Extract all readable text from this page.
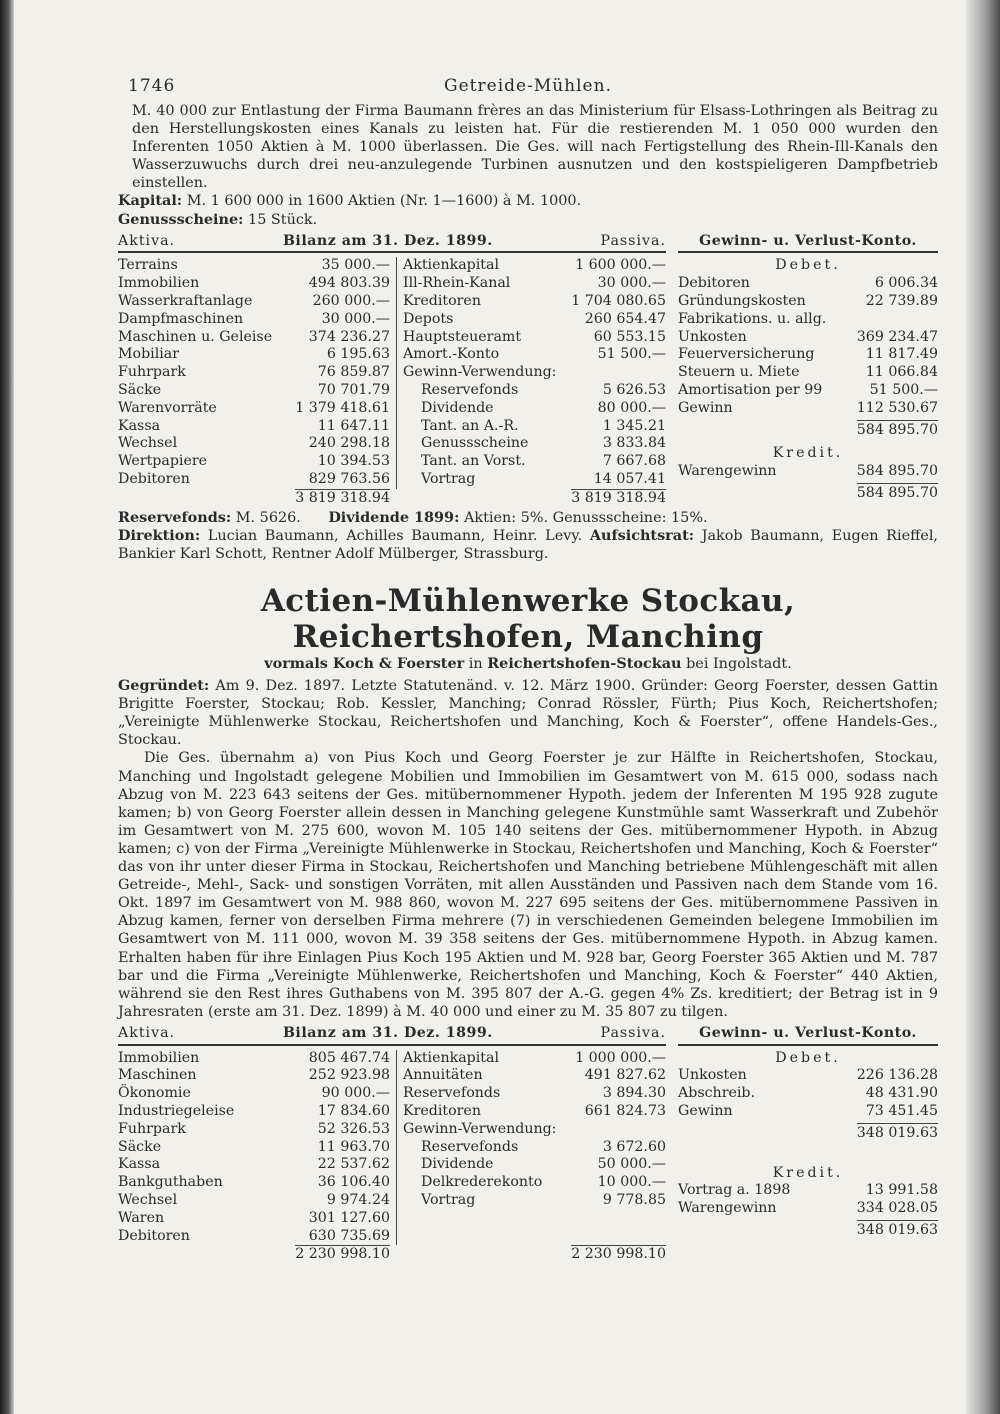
1746	Getreide-Mühlen.

M. 40 000 zur Entlastung der Firma Baumann frères an das Ministerium für Elsass-Lothringen als Beitrag zu den Herstellungskosten eines Kanals zu leisten hat. Für die restierenden M. 1 050 000 wurden den Inferenten 1050 Aktien à M. 1000 überlassen. Die Ges. will nach Fertigstellung des Rhein-Ill-Kanals den Wasserzuwuchs durch drei neu-anzulegende Turbinen ausnutzen und den kostspieligeren Dampfbetrieb einstellen.

Kapital: M. 1 600 000 in 1600 Aktien (Nr. 1—1600) à M. 1000.

Genussscheine: 15 Stück.

Aktiva.	Bilanz am 31. Dez. 1899.	Passiva.
Terrains	35 000.—
Immobilien	494 803.39
Wasserkraftanlage	260 000.—
Dampfmaschinen	30 000.—
Maschinen u. Geleise	374 236.27
Mobiliar	6 195.63
Fuhrpark	76 859.87
Säcke	70 701.79
Warenvorräte	1 379 418.61
Kassa	11 647.11
Wechsel	240 298.18
Wertpapiere	10 394.53
Debitoren	829 763.56
Aktienkapital	1 600 000.—
Ill-Rhein-Kanal	30 000.—
Kreditoren	1 704 080.65
Depots	260 654.47
Hauptsteueramt	60 553.15
Amort.-Konto	51 500.—
Gewinn-Verwendung:
Reservefonds	5 626.53
Dividende	80 000.—
Tant. an A.-R.	1 345.21
Genussscheine	3 833.84
Tant. an Vorst.	7 667.68
Vortrag	14 057.41
3 819 318.94	3 819 318.94
Gewinn- u. Verlust-Konto.
Debet.
Debitoren	6 006.34
Gründungskosten	22 739.89
Fabrikations. u. allg.
Unkosten	369 234.47
Feuerversicherung	11 817.49
Steuern u. Miete	11 066.84
Amortisation per 99	51 500.—
Gewinn	112 530.67
584 895.70
Kredit.
Warengewinn	584 895.70
584 895.70

Reservefonds: M. 5626. Dividende 1899: Aktien: 5%. Genussscheine: 15%.

Direktion: Lucian Baumann, Achilles Baumann, Heinr. Levy. Aufsichtsrat: Jakob Baumann, Eugen Rieffel, Bankier Karl Schott, Rentner Adolf Mülberger, Strassburg.

Actien-Mühlenwerke Stockau, Reichertshofen, Manching
vormals Koch & Foerster in Reichertshofen-Stockau bei Ingolstadt.

Gegründet: Am 9. Dez. 1897. Letzte Statutenänd. v. 12. März 1900. Gründer: Georg Foerster, dessen Gattin Brigitte Foerster, Stockau; Rob. Kessler, Manching; Conrad Rössler, Fürth; Pius Koch, Reichertshofen; „Vereinigte Mühlenwerke Stockau, Reichertshofen und Manching, Koch & Foerster“, offene Handels-Ges., Stockau.

Die Ges. übernahm a) von Pius Koch und Georg Foerster je zur Hälfte in Reichertshofen, Stockau, Manching und Ingolstadt gelegene Mobilien und Immobilien im Gesamtwert von M. 615 000, sodass nach Abzug von M. 223 643 seitens der Ges. mitübernommener Hypoth. jedem der Inferenten M 195 928 zugute kamen; b) von Georg Foerster allein dessen in Manching gelegene Kunstmühle samt Wasserkraft und Zubehör im Gesamtwert von M. 275 600, wovon M. 105 140 seitens der Ges. mitübernommener Hypoth. in Abzug kamen; c) von der Firma „Vereinigte Mühlenwerke in Stockau, Reichertshofen und Manching, Koch & Foerster“ das von ihr unter dieser Firma in Stockau, Reichertshofen und Manching betriebene Mühlengeschäft mit allen Getreide-, Mehl-, Sack- und sonstigen Vorräten, mit allen Ausständen und Passiven nach dem Stande vom 16. Okt. 1897 im Gesamtwert von M. 988 860, wovon M. 227 695 seitens der Ges. mitübernommene Passiven in Abzug kamen, ferner von derselben Firma mehrere (7) in verschiedenen Gemeinden belegene Immobilien im Gesamtwert von M. 111 000, wovon M. 39 358 seitens der Ges. mitübernommene Hypoth. in Abzug kamen. Erhalten haben für ihre Einlagen Pius Koch 195 Aktien und M. 928 bar, Georg Foerster 365 Aktien und M. 787 bar und die Firma „Vereinigte Mühlenwerke, Reichertshofen und Manching, Koch & Foerster“ 440 Aktien, während sie den Rest ihres Guthabens von M. 395 807 der A.-G. gegen 4% Zs. kreditiert; der Betrag ist in 9 Jahresraten (erste am 31. Dez. 1899) à M. 40 000 und einer zu M. 35 807 zu tilgen.

Aktiva.	Bilanz am 31. Dez. 1899.	Passiva.
Immobilien	805 467.74
Maschinen	252 923.98
Ökonomie	90 000.—
Industriegeleise	17 834.60
Fuhrpark	52 326.53
Säcke	11 963.70
Kassa	22 537.62
Bankguthaben	36 106.40
Wechsel	9 974.24
Waren	301 127.60
Debitoren	630 735.69
Aktienkapital	1 000 000.—
Annuitäten	491 827.62
Reservefonds	3 894.30
Kreditoren	661 824.73
Gewinn-Verwendung:
Reservefonds	3 672.60
Dividende	50 000.—
Delkrederekonto	10 000.—
Vortrag	9 778.85
2 230 998.10	2 230 998.10
Gewinn- u. Verlust-Konto.
Debet.
Unkosten	226 136.28
Abschreib.	48 431.90
Gewinn	73 451.45
348 019.63
Kredit.
Vortrag a. 1898	13 991.58
Warengewinn	334 028.05
348 019.63
